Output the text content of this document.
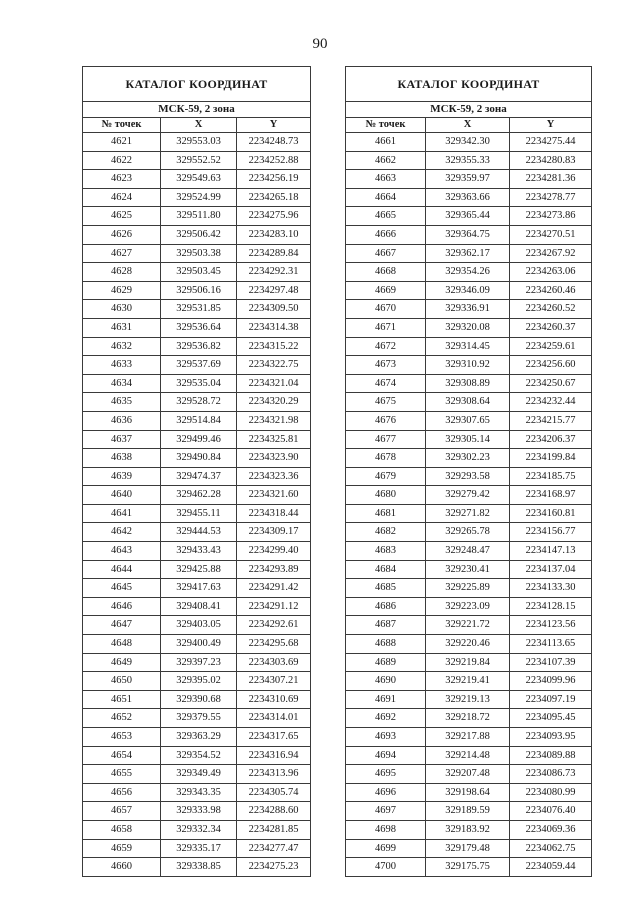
90
КАТАЛОГ КООРДИНАТ		
МСК-59, 2 зона		
№ точек	X	Y
4621	329553.03	2234248.73
4622	329552.52	2234252.88
4623	329549.63	2234256.19
4624	329524.99	2234265.18
4625	329511.80	2234275.96
4626	329506.42	2234283.10
4627	329503.38	2234289.84
4628	329503.45	2234292.31
4629	329506.16	2234297.48
4630	329531.85	2234309.50
4631	329536.64	2234314.38
4632	329536.82	2234315.22
4633	329537.69	2234322.75
4634	329535.04	2234321.04
4635	329528.72	2234320.29
4636	329514.84	2234321.98
4637	329499.46	2234325.81
4638	329490.84	2234323.90
4639	329474.37	2234323.36
4640	329462.28	2234321.60
4641	329455.11	2234318.44
4642	329444.53	2234309.17
4643	329433.43	2234299.40
4644	329425.88	2234293.89
4645	329417.63	2234291.42
4646	329408.41	2234291.12
4647	329403.05	2234292.61
4648	329400.49	2234295.68
4649	329397.23	2234303.69
4650	329395.02	2234307.21
4651	329390.68	2234310.69
4652	329379.55	2234314.01
4653	329363.29	2234317.65
4654	329354.52	2234316.94
4655	329349.49	2234313.96
4656	329343.35	2234305.74
4657	329333.98	2234288.60
4658	329332.34	2234281.85
4659	329335.17	2234277.47
4660	329338.85	2234275.23
КАТАЛОГ КООРДИНАТ		
МСК-59, 2 зона		
№ точек	X	Y
4661	329342.30	2234275.44
4662	329355.33	2234280.83
4663	329359.97	2234281.36
4664	329363.66	2234278.77
4665	329365.44	2234273.86
4666	329364.75	2234270.51
4667	329362.17	2234267.92
4668	329354.26	2234263.06
4669	329346.09	2234260.46
4670	329336.91	2234260.52
4671	329320.08	2234260.37
4672	329314.45	2234259.61
4673	329310.92	2234256.60
4674	329308.89	2234250.67
4675	329308.64	2234232.44
4676	329307.65	2234215.77
4677	329305.14	2234206.37
4678	329302.23	2234199.84
4679	329293.58	2234185.75
4680	329279.42	2234168.97
4681	329271.82	2234160.81
4682	329265.78	2234156.77
4683	329248.47	2234147.13
4684	329230.41	2234137.04
4685	329225.89	2234133.30
4686	329223.09	2234128.15
4687	329221.72	2234123.56
4688	329220.46	2234113.65
4689	329219.84	2234107.39
4690	329219.41	2234099.96
4691	329219.13	2234097.19
4692	329218.72	2234095.45
4693	329217.88	2234093.95
4694	329214.48	2234089.88
4695	329207.48	2234086.73
4696	329198.64	2234080.99
4697	329189.59	2234076.40
4698	329183.92	2234069.36
4699	329179.48	2234062.75
4700	329175.75	2234059.44
